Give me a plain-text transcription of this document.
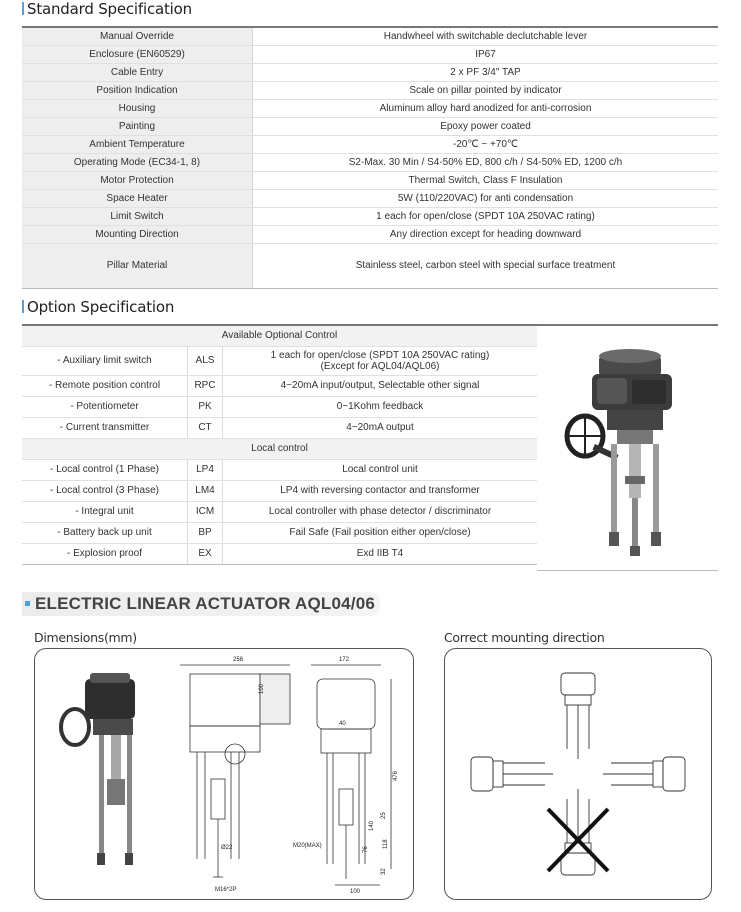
Standard Specification
Manual Override	Handwheel with switchable declutchable lever
Enclosure (EN60529)	IP67
Cable Entry	2 x PF 3/4" TAP
Position Indication	Scale on pillar pointed by indicator
Housing	Aluminum alloy hard anodized for anti-corrosion
Painting	Epoxy power coated
Ambient Temperature	-20℃ ~ +70℃
Operating Mode (EC34-1, 8)	S2-Max. 30 Min / S4-50% ED, 800 c/h / S4-50% ED, 1200 c/h
Motor Protection	Thermal Switch, Class F Insulation
Space Heater	5W (110/220VAC) for anti condensation
Limit Switch	1 each for open/close (SPDT 10A 250VAC rating)
Mounting Direction	Any direction except for heading downward
Pillar Material	Stainless steel, carbon steel with special surface treatment
Option Specification
Available Optional Control		
- Auxiliary limit switch	ALS	1 each for open/close (SPDT 10A 250VAC rating)
(Except for AQL04/AQL06)

- Remote position control	RPC	4~20mA input/output, Selectable other signal
- Potentiometer	PK	0~1Kohm feedback
- Current transmitter	CT	4~20mA output
Local control		
- Local control (1 Phase)	LP4	Local control unit
- Local control (3 Phase)	LM4	LP4 with reversing contactor and transformer
- Integral unit	ICM	Local controller with phase detector / discriminator
- Battery back up unit	BP	Fail Safe (Fail position either open/close)
- Explosion proof	EX	Exd IIB T4
ELECTRIC LINEAR ACTUATOR AQL04/06
Dimensions(mm)
258
100
172
40
476
140
25
118
76
32
100
Ø22	M20(MAX)
M16*2P
Correct mounting direction
